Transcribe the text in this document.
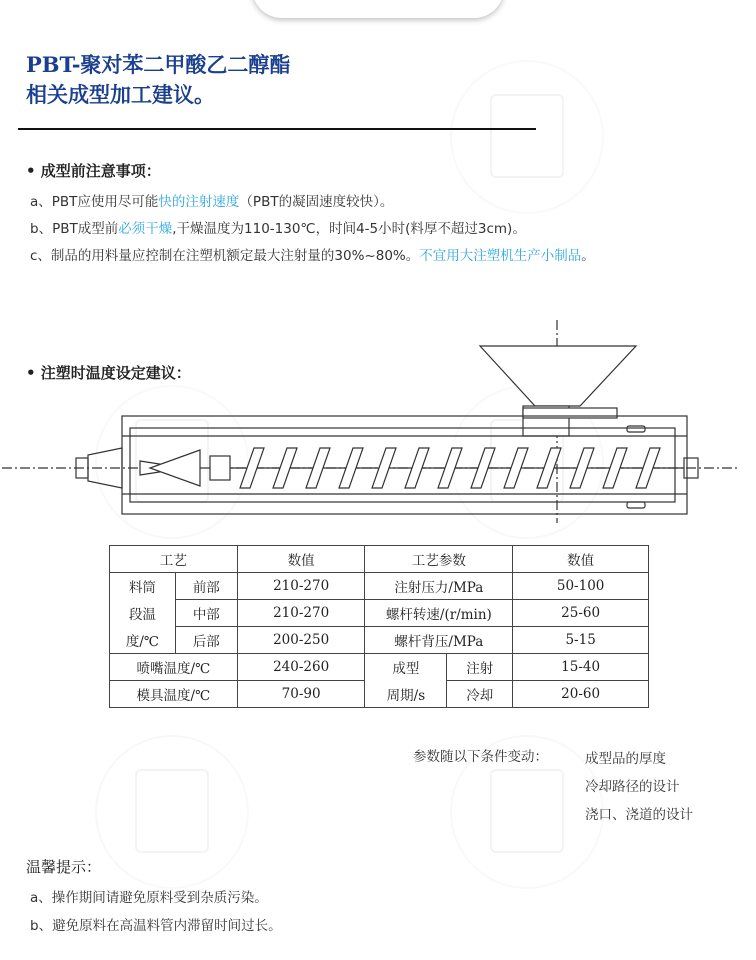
PBT-聚对苯二甲酸乙二醇酯
相关成型加工建议。
• 成型前注意事项：
a、PBT应使用尽可能快的注射速度（PBT的凝固速度较快）。
b、PBT成型前必须干燥,干燥温度为110-130℃，时间4-5小时(料厚不超过3cm)。
c、制品的用料量应控制在注塑机额定最大注射量的30%~80%。不宜用大注塑机生产小制品。
• 注塑时温度设定建议：
工艺		数值	工艺参数		数值
料筒	前部	210-270	注射压力/MPa		50-100
段温	中部	210-270	螺杆转速/(r/min)		25-60
度/℃	后部	200-250	螺杆背压/MPa		5-15
喷嘴温度/℃		240-260	成型	注射	15-40
模具温度/℃		70-90	周期/s	冷却	20-60
参数随以下条件变动：	成型品的厚度
冷却路径的设计
浇口、浇道的设计
温馨提示：
a、操作期间请避免原料受到杂质污染。
b、避免原料在高温料管内滞留时间过长。
